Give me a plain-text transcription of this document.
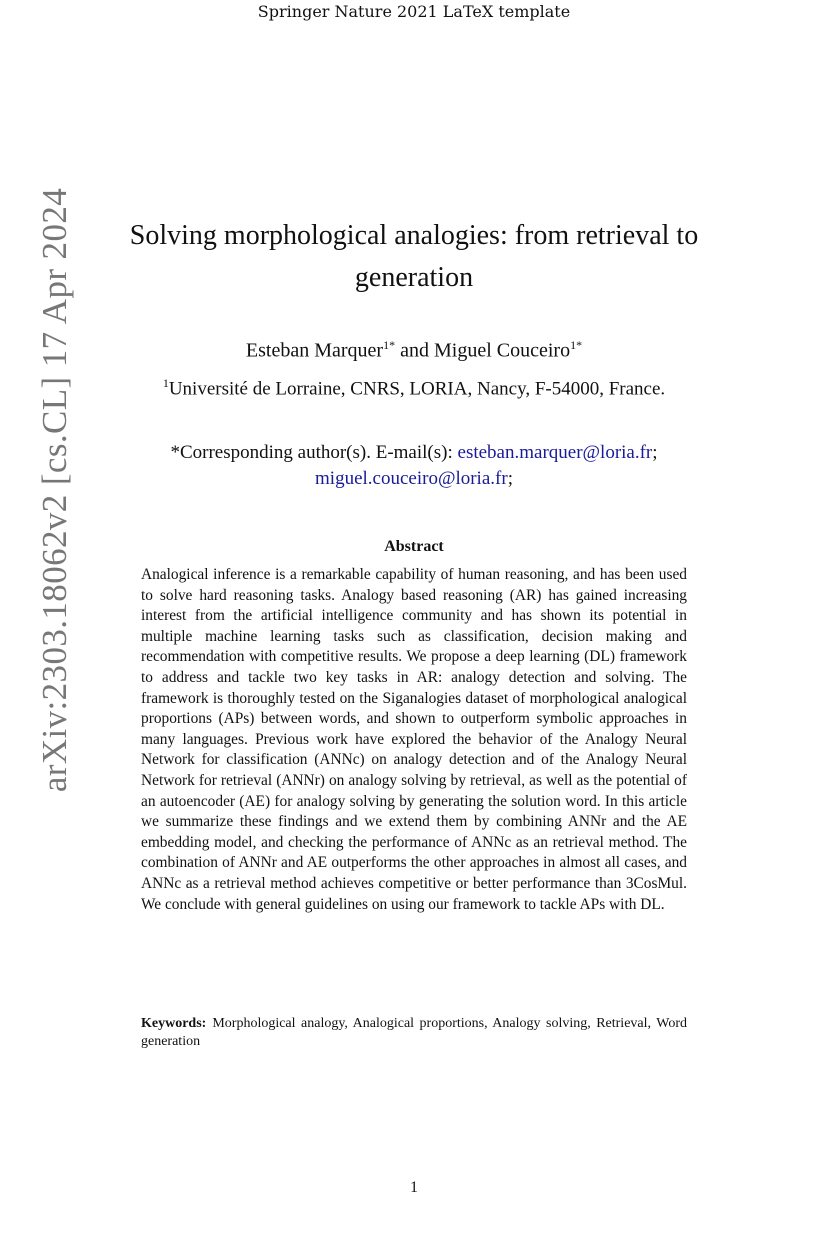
Springer Nature 2021 LaTeX template
arXiv:2303.18062v2 [cs.CL] 17 Apr 2024	Solving morphological analogies: from retrieval to generation
Esteban Marquer$^{1*}$ and Miguel Couceiro$^{1*}$
$^1$Université de Lorraine, CNRS, LORIA, Nancy, F-54000, France.
*Corresponding author(s). E-mail(s): esteban.marquer@loria.fr;
miguel.couceiro@loria.fr;
Abstract
Analogical inference is a remarkable capability of human reasoning, and has been used to solve hard reasoning tasks. Analogy based reasoning (AR) has gained increasing interest from the artificial intelligence community and has shown its potential in multiple machine learning tasks such as classification, decision making and recommendation with competitive results. We propose a deep learning (DL) framework to address and tackle two key tasks in AR: analogy detection and solving. The framework is thoroughly tested on the Siganalogies dataset of morphological analogical proportions (APs) between words, and shown to outperform symbolic approaches in many languages. Previous work have explored the behavior of the Analogy Neural Network for classification (ANNc) on analogy detection and of the Analogy Neural Network for retrieval (ANNr) on analogy solving by retrieval, as well as the potential of an autoencoder (AE) for analogy solving by generating the solution word. In this article we summarize these findings and we extend them by combining ANNr and the AE embedding model, and checking the performance of ANNc as an retrieval method. The combination of ANNr and AE outperforms the other approaches in almost all cases, and ANNc as a retrieval method achieves competitive or better performance than 3CosMul. We conclude with general guidelines on using our framework to tackle APs with DL.
Keywords: Morphological analogy, Analogical proportions, Analogy solving, Retrieval, Word generation
1
